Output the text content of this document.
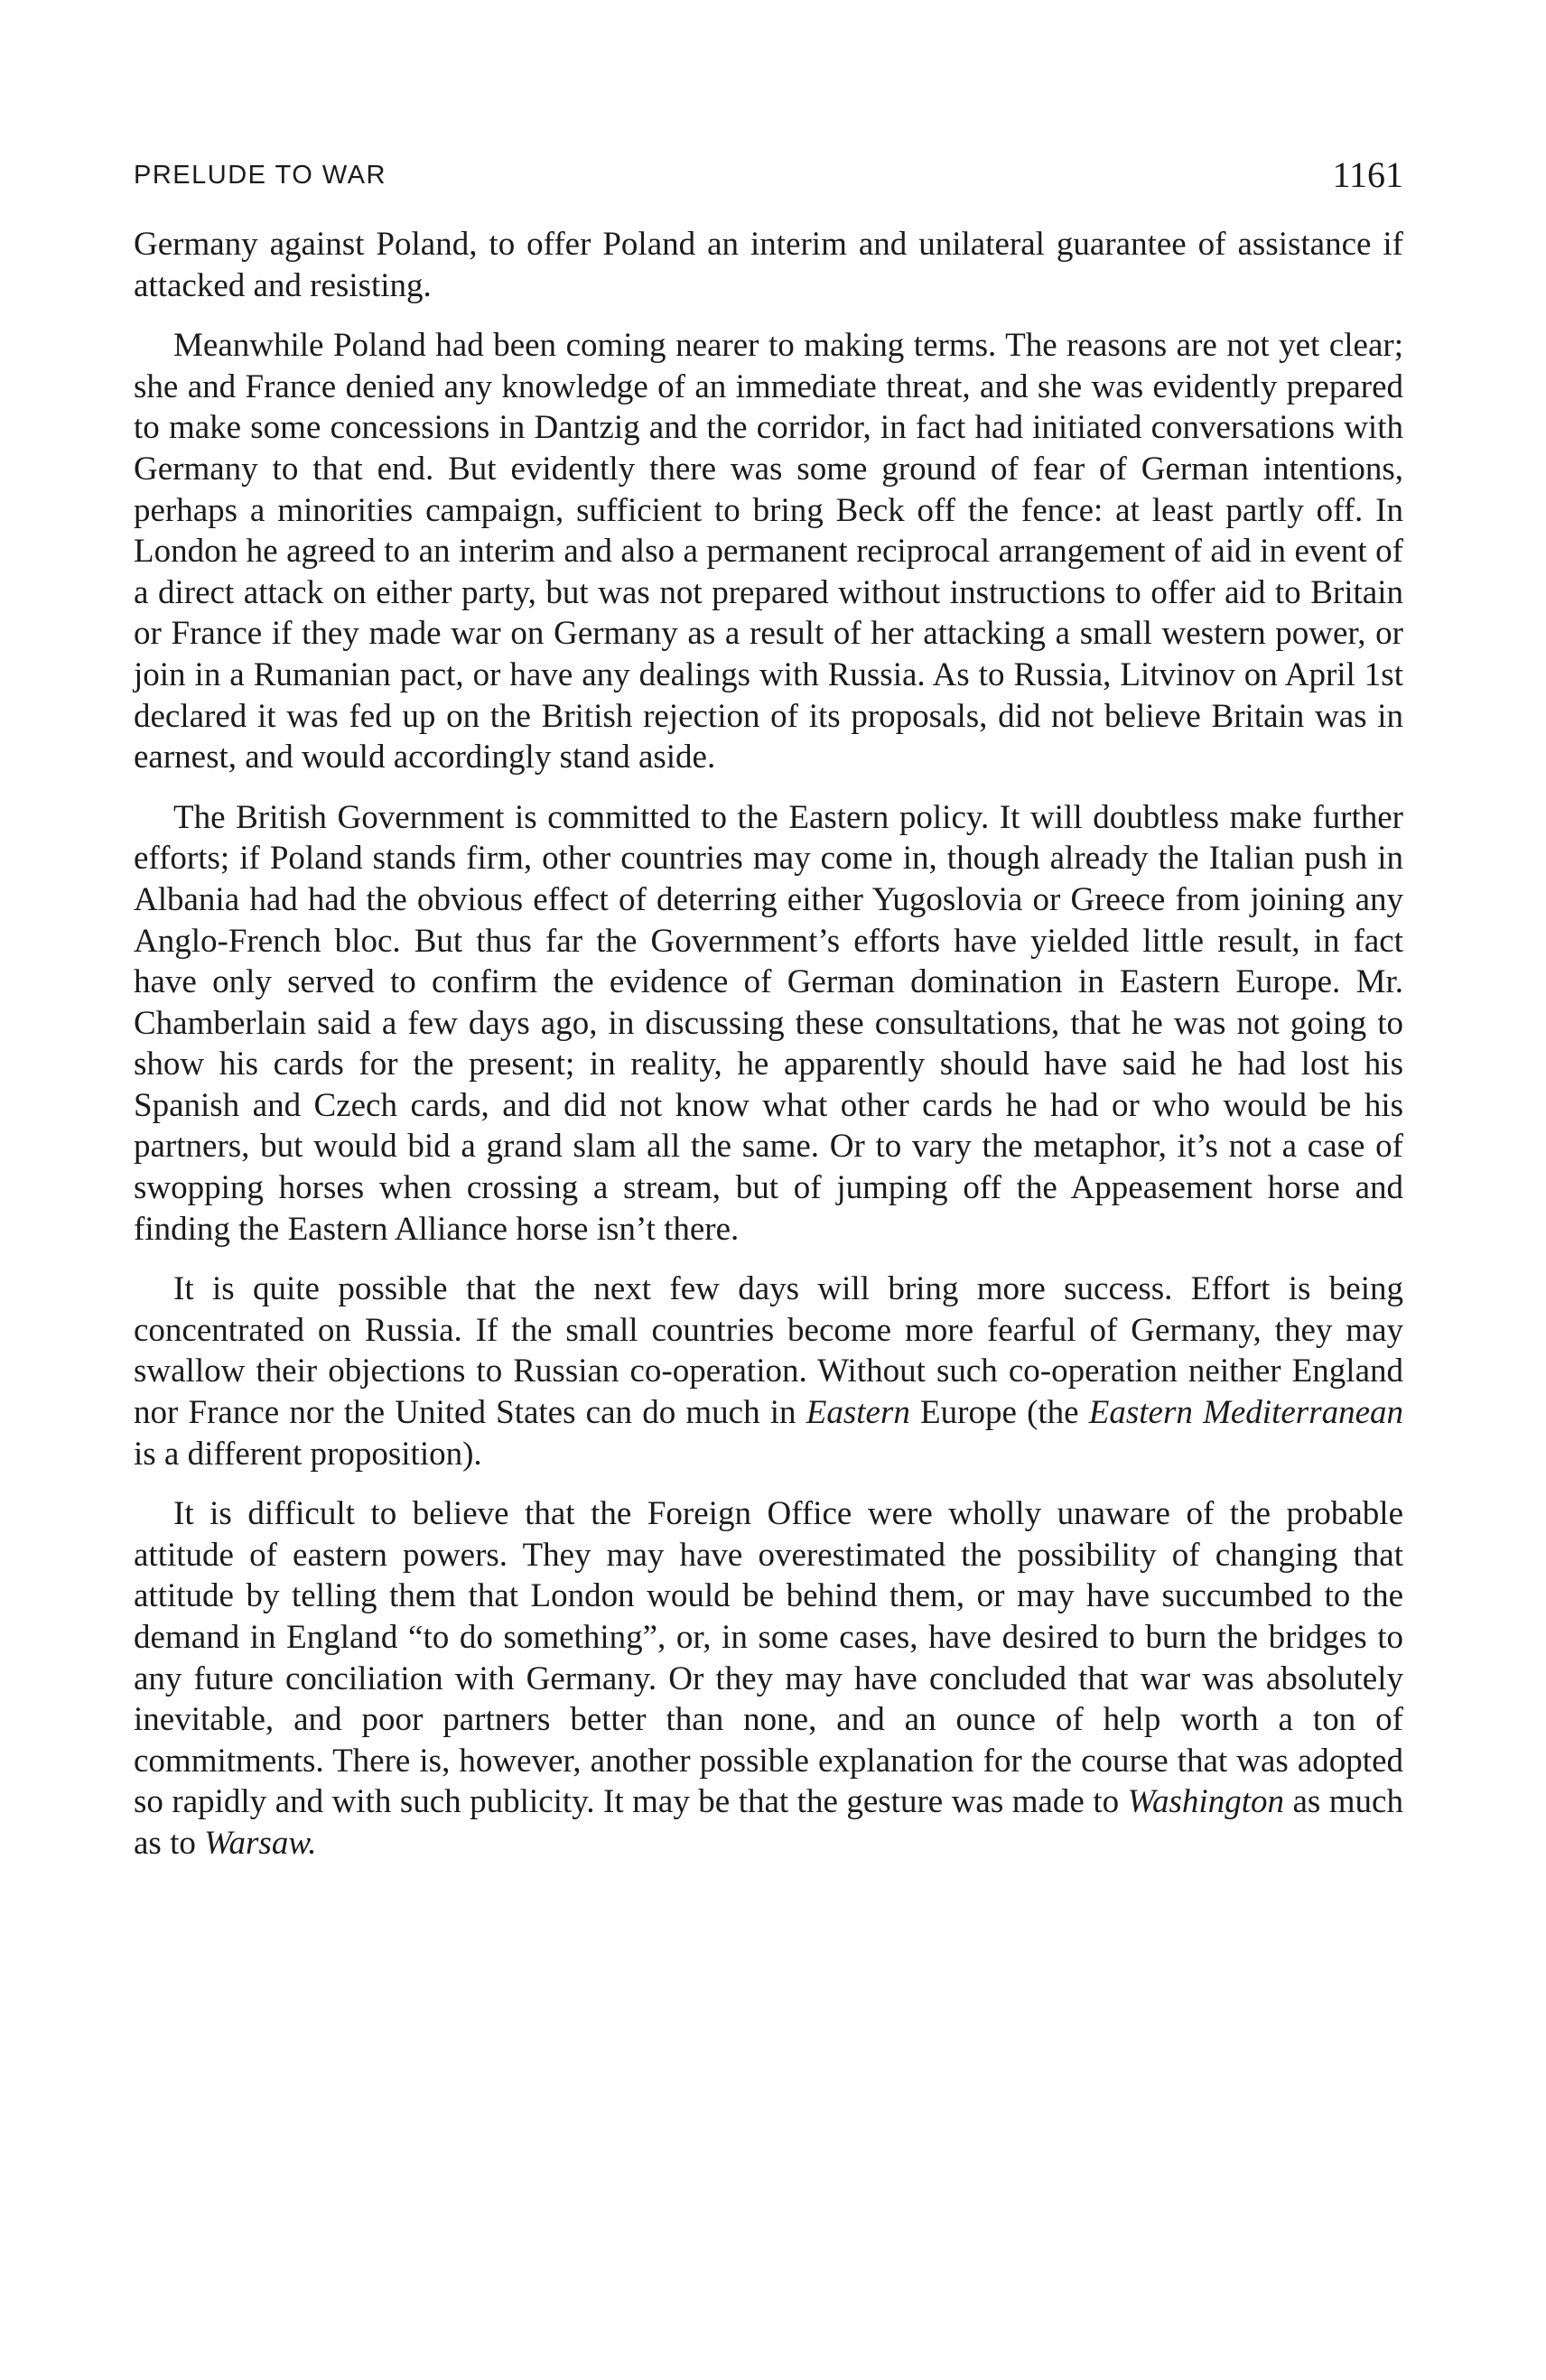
PRELUDE TO WAR	1161

Germany against Poland, to offer Poland an interim and unilateral guarantee of assistance if attacked and resisting.

Meanwhile Poland had been coming nearer to making terms. The reasons are not yet clear; she and France denied any knowledge of an immediate threat, and she was evidently prepared to make some concessions in Dantzig and the corridor, in fact had initiated conversations with Germany to that end. But evidently there was some ground of fear of German intentions, perhaps a minorities campaign, sufficient to bring Beck off the fence: at least partly off. In London he agreed to an interim and also a permanent reciprocal arrangement of aid in event of a direct attack on either party, but was not prepared without instructions to offer aid to Britain or France if they made war on Germany as a result of her attacking a small western power, or join in a Rumanian pact, or have any dealings with Russia. As to Russia, Litvinov on April 1st declared it was fed up on the British rejection of its proposals, did not believe Britain was in earnest, and would accordingly stand aside.

The British Government is committed to the Eastern policy. It will doubtless make further efforts; if Poland stands firm, other countries may come in, though already the Italian push in Albania had had the obvious effect of deterring either Yugoslovia or Greece from joining any Anglo-French bloc. But thus far the Government’s efforts have yielded little result, in fact have only served to confirm the evidence of German domination in Eastern Europe. Mr. Chamberlain said a few days ago, in discussing these consultations, that he was not going to show his cards for the present; in reality, he apparently should have said he had lost his Spanish and Czech cards, and did not know what other cards he had or who would be his partners, but would bid a grand slam all the same. Or to vary the metaphor, it’s not a case of swopping horses when crossing a stream, but of jumping off the Appeasement horse and finding the Eastern Alliance horse isn’t there.

It is quite possible that the next few days will bring more success. Effort is being concentrated on Russia. If the small countries become more fearful of Germany, they may swallow their objections to Russian co-operation. Without such co-operation neither England nor France nor the United States can do much in Eastern Europe (the Eastern Mediterranean is a different proposition).

It is difficult to believe that the Foreign Office were wholly unaware of the probable attitude of eastern powers. They may have overestimated the possibility of changing that attitude by telling them that London would be behind them, or may have succumbed to the demand in England “to do something”, or, in some cases, have desired to burn the bridges to any future conciliation with Germany. Or they may have concluded that war was absolutely inevitable, and poor partners better than none, and an ounce of help worth a ton of commitments. There is, however, another possible explanation for the course that was adopted so rapidly and with such publicity. It may be that the gesture was made to Washington as much as to Warsaw.
